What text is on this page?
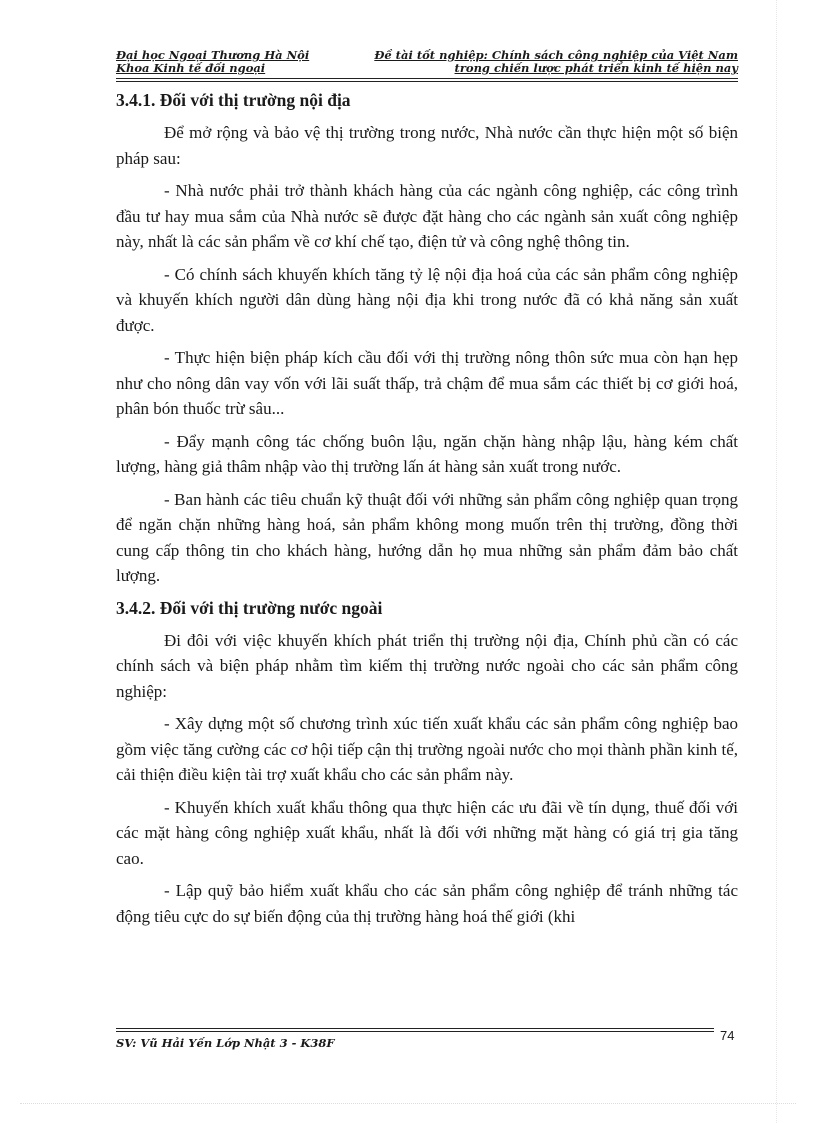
Đại học Ngoại Thương Hà Nội
Khoa Kinh tế đối ngoại
Đề tài tốt nghiệp: Chính sách công nghiệp của Việt Nam
trong chiến lược phát triển kinh tế hiện nay
3.4.1. Đối với thị trường nội địa

Để mở rộng và bảo vệ thị trường trong nước, Nhà nước cần thực hiện một số biện pháp sau:

- Nhà nước phải trở thành khách hàng của các ngành công nghiệp, các công trình đầu tư hay mua sắm của Nhà nước sẽ được đặt hàng cho các ngành sản xuất công nghiệp này, nhất là các sản phẩm về cơ khí chế tạo, điện tử và công nghệ thông tin.

- Có chính sách khuyến khích tăng tỷ lệ nội địa hoá của các sản phẩm công nghiệp và khuyến khích người dân dùng hàng nội địa khi trong nước đã có khả năng sản xuất được.

- Thực hiện biện pháp kích cầu đối với thị trường nông thôn sức mua còn hạn hẹp như cho nông dân vay vốn với lãi suất thấp, trả chậm để mua sắm các thiết bị cơ giới hoá, phân bón thuốc trừ sâu...

- Đẩy mạnh công tác chống buôn lậu, ngăn chặn hàng nhập lậu, hàng kém chất lượng, hàng giả thâm nhập vào thị trường lấn át hàng sản xuất trong nước.

- Ban hành các tiêu chuẩn kỹ thuật đối với những sản phẩm công nghiệp quan trọng để ngăn chặn những hàng hoá, sản phẩm không mong muốn trên thị trường, đồng thời cung cấp thông tin cho khách hàng, hướng dẫn họ mua những sản phẩm đảm bảo chất lượng.

3.4.2. Đối với thị trường nước ngoài

Đi đôi với việc khuyến khích phát triển thị trường nội địa, Chính phủ cần có các chính sách và biện pháp nhằm tìm kiếm thị trường nước ngoài cho các sản phẩm công nghiệp:

- Xây dựng một số chương trình xúc tiến xuất khẩu các sản phẩm công nghiệp bao gồm việc tăng cường các cơ hội tiếp cận thị trường ngoài nước cho mọi thành phần kinh tế, cải thiện điều kiện tài trợ xuất khẩu cho các sản phẩm này.

- Khuyến khích xuất khẩu thông qua thực hiện các ưu đãi về tín dụng, thuế đối với các mặt hàng công nghiệp xuất khẩu, nhất là đối với những mặt hàng có giá trị gia tăng cao.

- Lập quỹ bảo hiểm xuất khẩu cho các sản phẩm công nghiệp để tránh những tác động tiêu cực do sự biến động của thị trường hàng hoá thế giới (khi

SV: Vũ Hải Yến Lớp Nhật 3 - K38F	74
